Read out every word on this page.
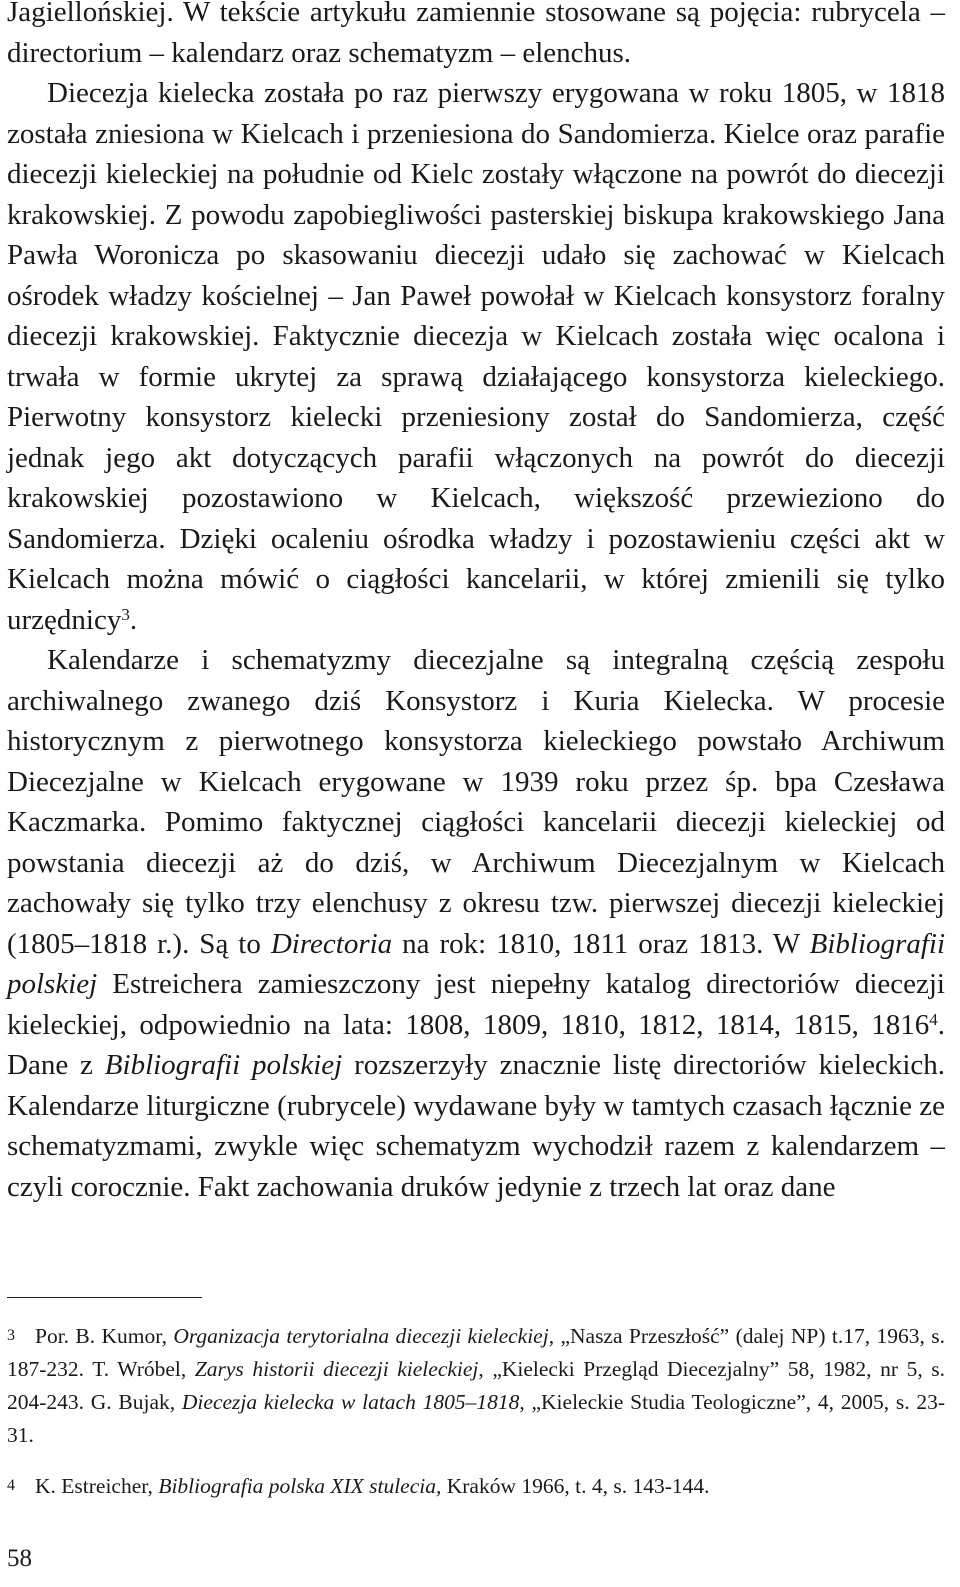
Jagiellońskiej. W tekście artykułu zamiennie stosowane są pojęcia: rubrycela – directorium – kalendarz oraz schematyzm – elenchus.

Diecezja kielecka została po raz pierwszy erygowana w roku 1805, w 1818 została zniesiona w Kielcach i przeniesiona do Sandomierza. Kielce oraz parafie diecezji kieleckiej na południe od Kielc zostały włączone na powrót do diecezji krakowskiej. Z powodu zapobiegliwości pasterskiej biskupa krakowskiego Jana Pawła Woronicza po skasowaniu diecezji udało się zachować w Kielcach ośrodek władzy kościelnej – Jan Paweł powołał w Kielcach konsystorz foralny diecezji krakowskiej. Faktycznie diecezja w Kielcach została więc ocalona i trwała w formie ukrytej za sprawą działającego konsystorza kieleckiego. Pierwotny konsystorz kielecki przeniesiony został do Sandomierza, część jednak jego akt dotyczących parafii włączonych na powrót do diecezji krakowskiej pozostawiono w Kielcach, większość przewieziono do Sandomierza. Dzięki ocaleniu ośrodka władzy i pozostawieniu części akt w Kielcach można mówić o ciągłości kancelarii, w której zmienili się tylko urzędnicy$^3$.

Kalendarze i schematyzmy diecezjalne są integralną częścią zespołu archiwalnego zwanego dziś Konsystorz i Kuria Kielecka. W procesie historycznym z pierwotnego konsystorza kieleckiego powstało Archiwum Diecezjalne w Kielcach erygowane w 1939 roku przez śp. bpa Czesława Kaczmarka. Pomimo faktycznej ciągłości kancelarii diecezji kieleckiej od powstania diecezji aż do dziś, w Archiwum Diecezjalnym w Kielcach zachowały się tylko trzy elenchusy z okresu tzw. pierwszej diecezji kieleckiej (1805–1818 r.). Są to Directoria na rok: 1810, 1811 oraz 1813. W Bibliografii polskiej Estreichera zamieszczony jest niepełny katalog directoriów diecezji kieleckiej, odpowiednio na lata: 1808, 1809, 1810, 1812, 1814, 1815, 1816$^4$. Dane z Bibliografii polskiej rozszerzyły znacznie listę directoriów kieleckich. Kalendarze liturgiczne (rubrycele) wydawane były w tamtych czasach łącznie ze schematyzmami, zwykle więc schematyzm wychodził razem z kalendarzem – czyli corocznie. Fakt zachowania druków jedynie z trzech lat oraz dane

3 Por. B. Kumor, Organizacja terytorialna diecezji kieleckiej, „Nasza Przeszłość” (dalej NP) t.17, 1963, s. 187-232. T. Wróbel, Zarys historii diecezji kieleckiej, „Kielecki Przegląd Diecezjalny” 58, 1982, nr 5, s. 204-243. G. Bujak, Diecezja kielecka w latach 1805–1818, „Kieleckie Studia Teologiczne”, 4, 2005, s. 23-31.

4 K. Estreicher, Bibliografia polska XIX stulecia, Kraków 1966, t. 4, s. 143-144.

58
